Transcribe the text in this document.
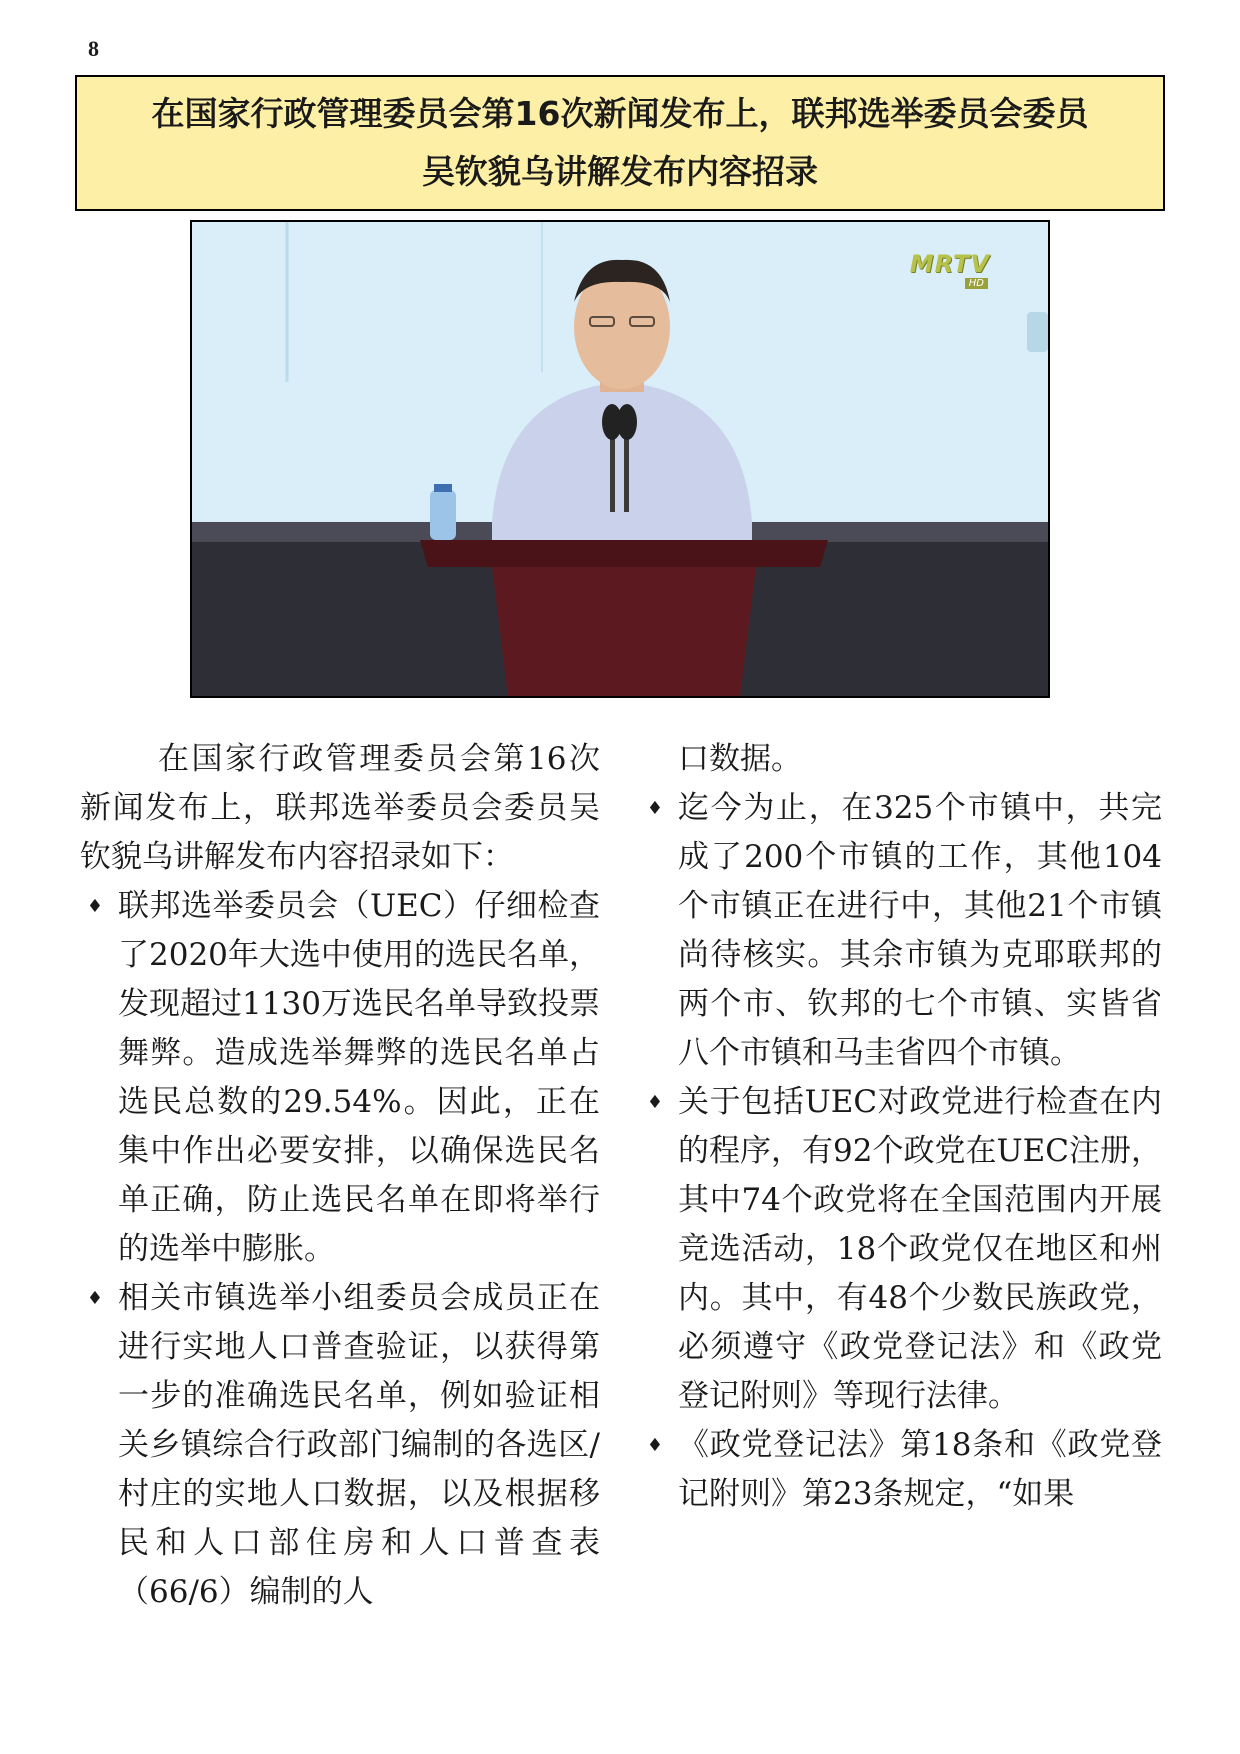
8
在国家行政管理委员会第16次新闻发布上，联邦选举委员会委员
吴钦貌乌讲解发布内容招录
MRTV
HD

在国家行政管理委员会第16次新闻发布上，联邦选举委员会委员吴钦貌乌讲解发布内容招录如下：

♦ 联邦选举委员会（UEC）仔细检查了2020年大选中使用的选民名单，发现超过1130万选民名单导致投票舞弊。造成选举舞弊的选民名单占选民总数的29.54%。因此，正在集中作出必要安排，以确保选民名单正确，防止选民名单在即将举行的选举中膨胀。
♦ 相关市镇选举小组委员会成员正在进行实地人口普查验证，以获得第一步的准确选民名单，例如验证相关乡镇综合行政部门编制的各选区/村庄的实地人口数据，以及根据移民和人口部住房和人口普查表（66/6）编制的人

口数据。

♦ 迄今为止，在325个市镇中，共完成了200个市镇的工作，其他104个市镇正在进行中，其他21个市镇尚待核实。其余市镇为克耶联邦的两个市、钦邦的七个市镇、实皆省八个市镇和马圭省四个市镇。
♦ 关于包括UEC对政党进行检查在内的程序，有92个政党在UEC注册，其中74个政党将在全国范围内开展竞选活动，18个政党仅在地区和州内。其中，有48个少数民族政党，必须遵守《政党登记法》和《政党登记附则》等现行法律。
♦ 《政党登记法》第18条和《政党登记附则》第23条规定，“如果
